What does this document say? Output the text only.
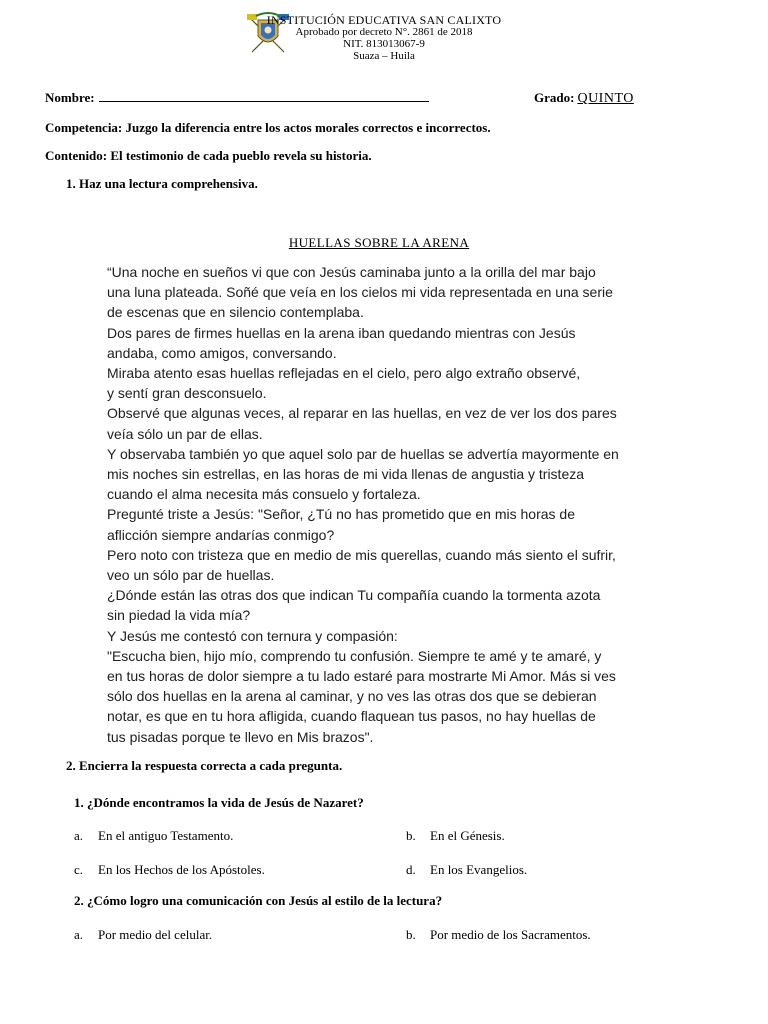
INSTITUCIÓN EDUCATIVA SAN CALIXTO
Aprobado por decreto N°. 2861 de 2018
NIT. 813013067-9
Suaza – Huila
Nombre:	Grado: QUINTO
Competencia: Juzgo la diferencia entre los actos morales correctos e incorrectos.
Contenido: El testimonio de cada pueblo revela su historia.
1. Haz una lectura comprehensiva.
HUELLAS SOBRE LA ARENA

“Una noche en sueños vi que con Jesús caminaba junto a la orilla del mar bajo

una luna plateada. Soñé que veía en los cielos mi vida representada en una serie

de escenas que en silencio contemplaba.

Dos pares de firmes huellas en la arena iban quedando mientras con Jesús

andaba, como amigos, conversando.

Miraba atento esas huellas reflejadas en el cielo, pero algo extraño observé,

y sentí gran desconsuelo.

Observé que algunas veces, al reparar en las huellas, en vez de ver los dos pares

veía sólo un par de ellas.

Y observaba también yo que aquel solo par de huellas se advertía mayormente en

mis noches sin estrellas, en las horas de mi vida llenas de angustia y tristeza

cuando el alma necesita más consuelo y fortaleza.

Pregunté triste a Jesús: "Señor, ¿Tú no has prometido que en mis horas de

aflicción siempre andarías conmigo?

Pero noto con tristeza que en medio de mis querellas, cuando más siento el sufrir,

veo un sólo par de huellas.

¿Dónde están las otras dos que indican Tu compañía cuando la tormenta azota

sin piedad la vida mía?

Y Jesús me contestó con ternura y compasión:

"Escucha bien, hijo mío, comprendo tu confusión. Siempre te amé y te amaré, y

en tus horas de dolor siempre a tu lado estaré para mostrarte Mi Amor. Más si ves

sólo dos huellas en la arena al caminar, y no ves las otras dos que se debieran

notar, es que en tu hora afligida, cuando flaquean tus pasos, no hay huellas de

tus pisadas porque te llevo en Mis brazos".

2. Encierra la respuesta correcta a cada pregunta.
1. ¿Dónde encontramos la vida de Jesús de Nazaret?
a. En el antiguo Testamento.	b. En el Génesis.
c. En los Hechos de los Apóstoles.	d. En los Evangelios.
2. ¿Cómo logro una comunicación con Jesús al estilo de la lectura?
a. Por medio del celular.	b. Por medio de los Sacramentos.
